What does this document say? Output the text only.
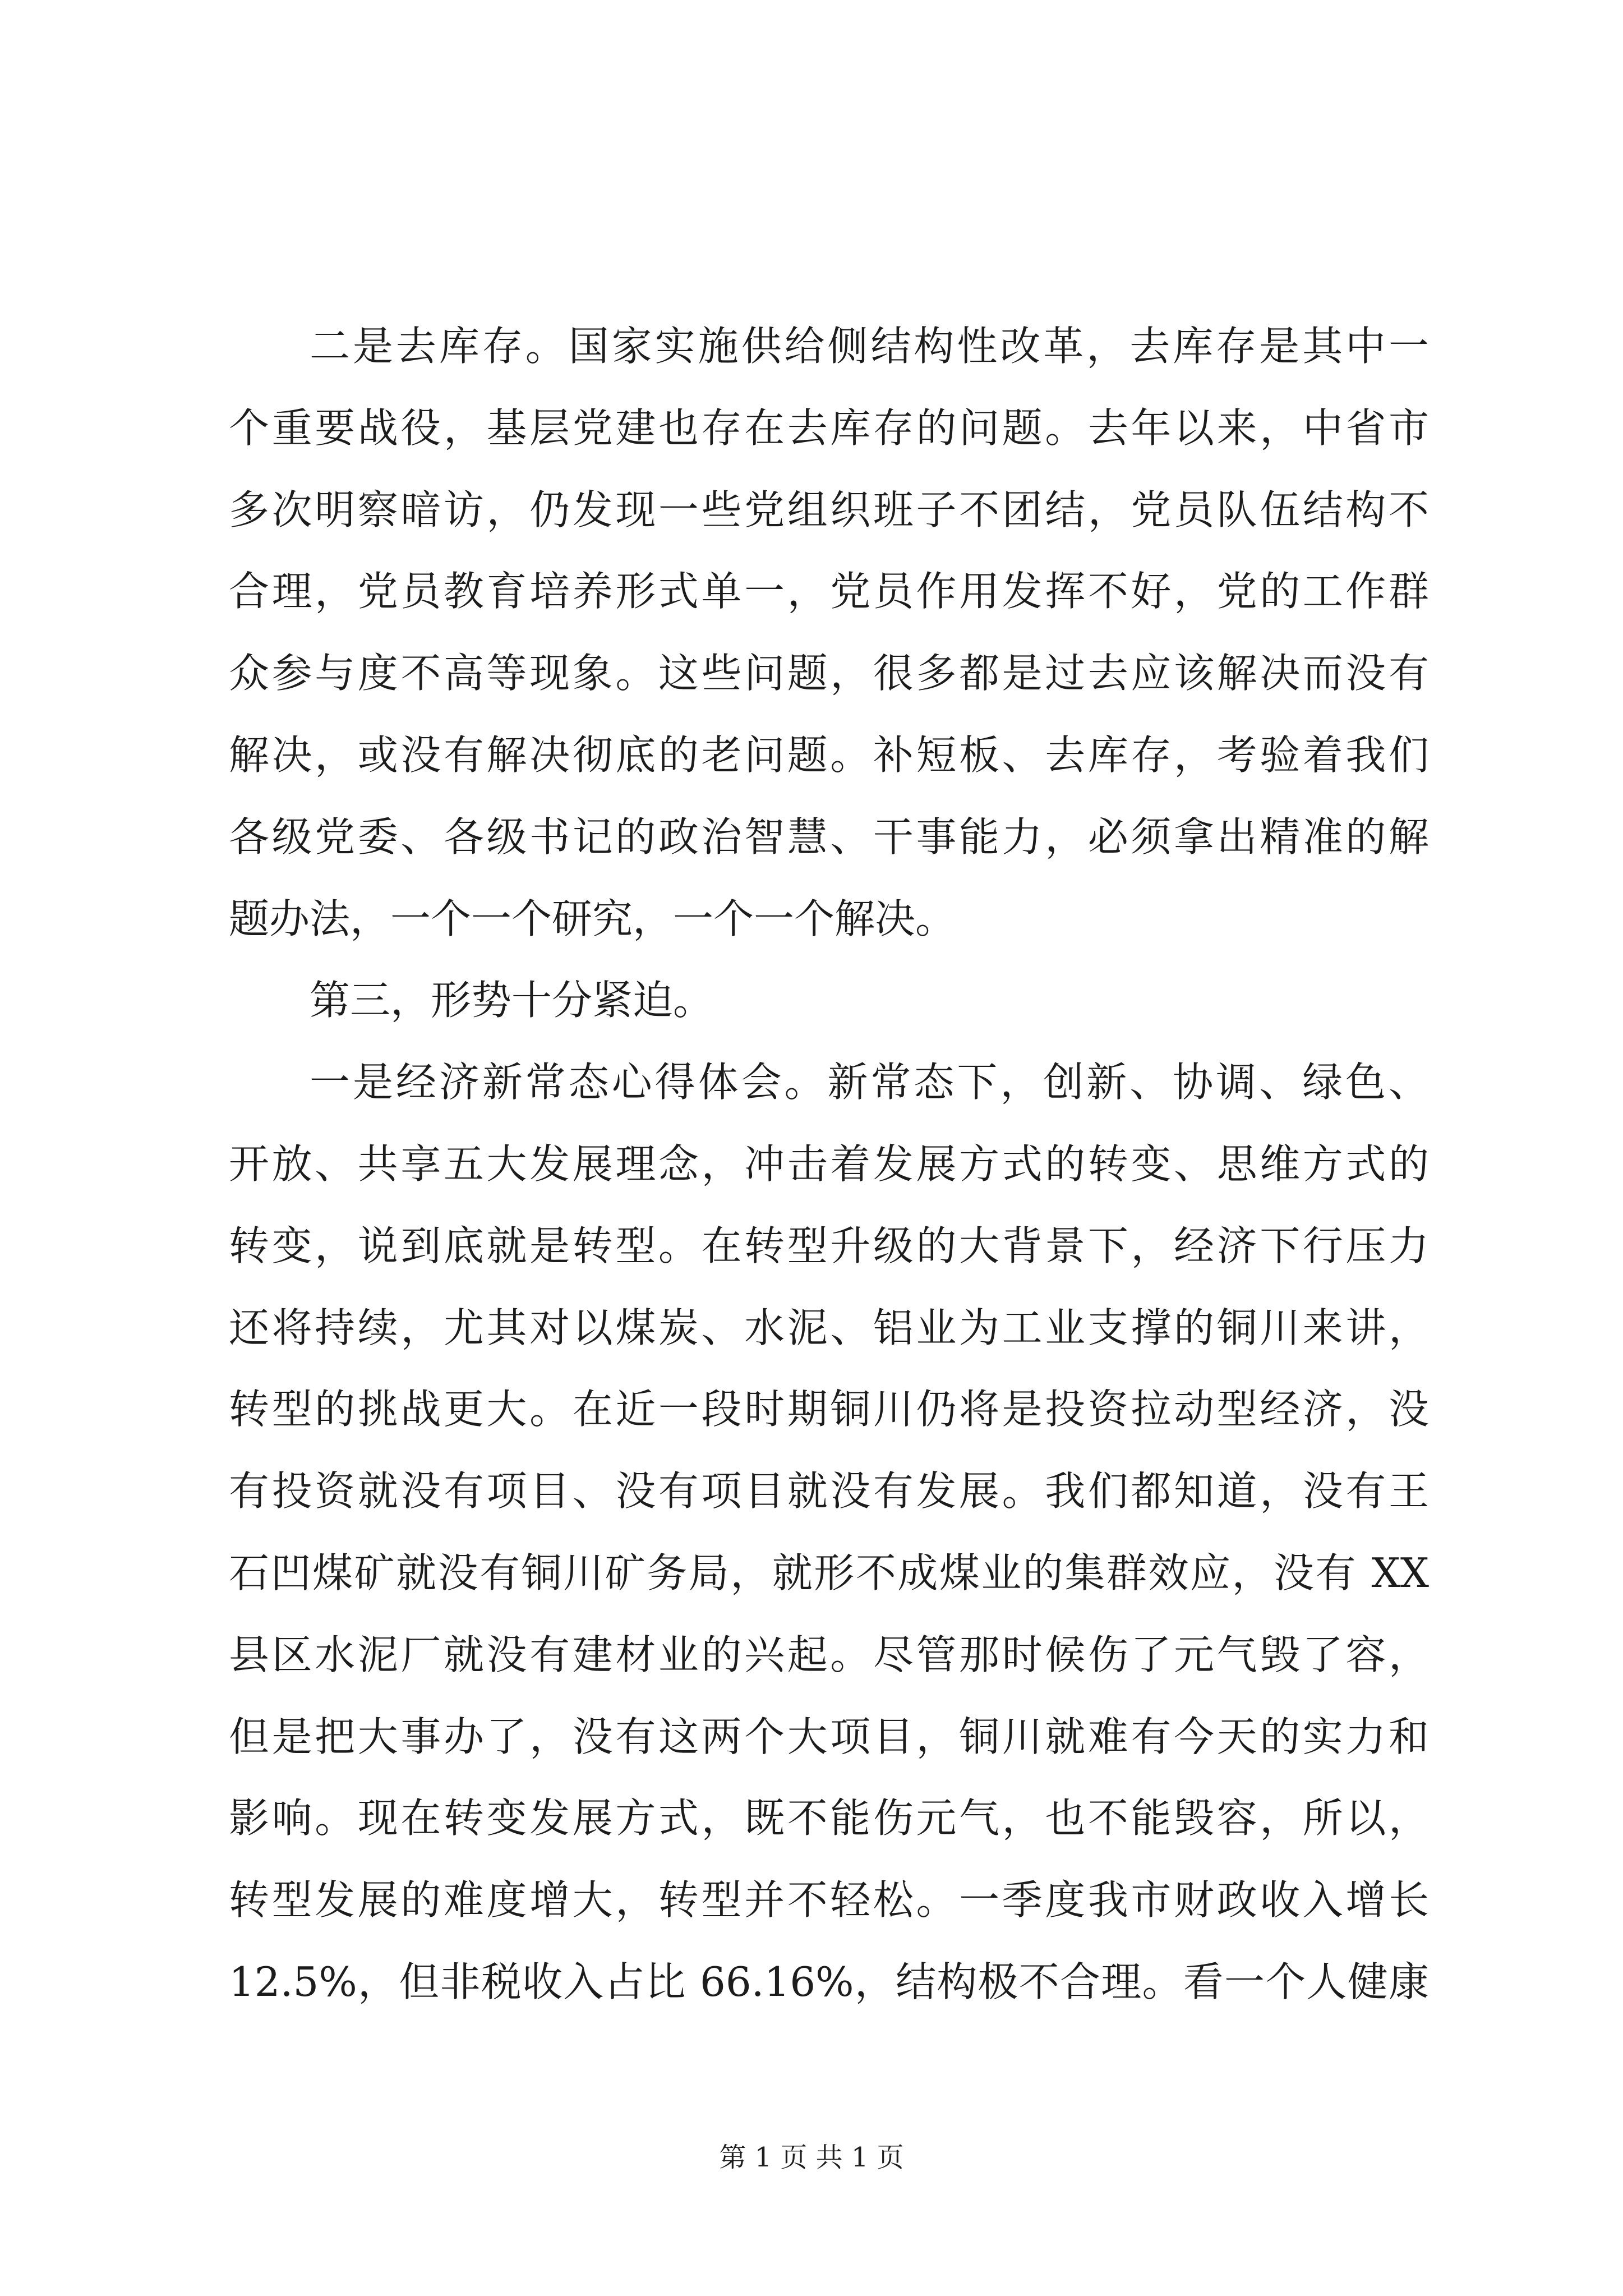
二是去库存。国家实施供给侧结构性改革，去库存是其中一
个重要战役，基层党建也存在去库存的问题。去年以来，中省市
多次明察暗访，仍发现一些党组织班子不团结，党员队伍结构不
合理，党员教育培养形式单一，党员作用发挥不好，党的工作群
众参与度不高等现象。这些问题，很多都是过去应该解决而没有
解决，或没有解决彻底的老问题。补短板、去库存，考验着我们
各级党委、各级书记的政治智慧、干事能力，必须拿出精准的解
题办法，一个一个研究，一个一个解决。
第三，形势十分紧迫。
一是经济新常态心得体会。新常态下，创新、协调、绿色、
开放、共享五大发展理念，冲击着发展方式的转变、思维方式的
转变，说到底就是转型。在转型升级的大背景下，经济下行压力
还将持续，尤其对以煤炭、水泥、铝业为工业支撑的铜川来讲，
转型的挑战更大。在近一段时期铜川仍将是投资拉动型经济，没
有投资就没有项目、没有项目就没有发展。我们都知道，没有王
石凹煤矿就没有铜川矿务局，就形不成煤业的集群效应，没有 XX
县区水泥厂就没有建材业的兴起。尽管那时候伤了元气毁了容，
但是把大事办了，没有这两个大项目，铜川就难有今天的实力和
影响。现在转变发展方式，既不能伤元气，也不能毁容，所以，
转型发展的难度增大，转型并不轻松。一季度我市财政收入增长
12.5%，但非税收入占比 66.16%，结构极不合理。看一个人健康
第 1 页 共 1 页
